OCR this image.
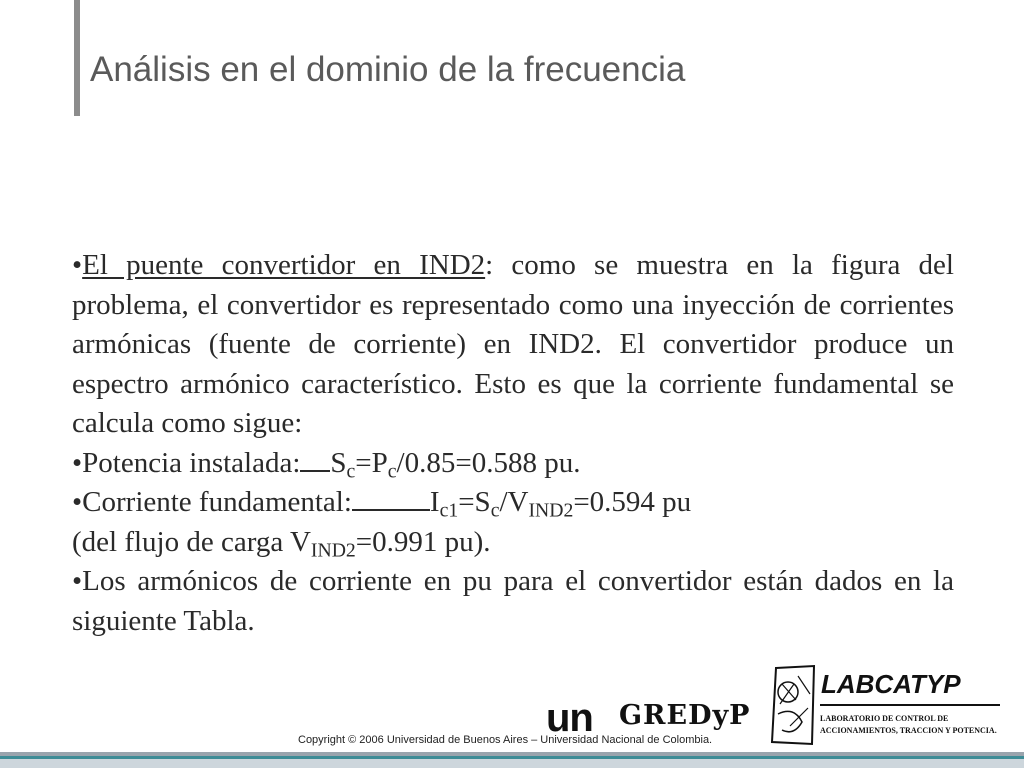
Análisis en el dominio de la frecuencia

•El puente convertidor en IND2: como se muestra en la figura del problema, el convertidor es representado como una inyección de corrientes armónicas (fuente de corriente) en IND2. El convertidor produce un espectro armónico característico. Esto es que la corriente fundamental se calcula como sigue:

•Potencia instalada: $S_c=P_c/0.85=0.588$ pu.

•Corriente fundamental:	$I_{c1}=S_c/V_{IND2}=0.594$ pu

(del flujo de carga $V_{IND2}=0.991$ pu).

•Los armónicos de corriente en pu para el convertidor están dados en la siguiente Tabla.

un GREDyP
Copyright © 2006 Universidad de Buenos Aires – Universidad Nacional de Colombia.
LABCATYP
LABORATORIO DE CONTROL DE
ACCIONAMIENTOS, TRACCION Y POTENCIA.
